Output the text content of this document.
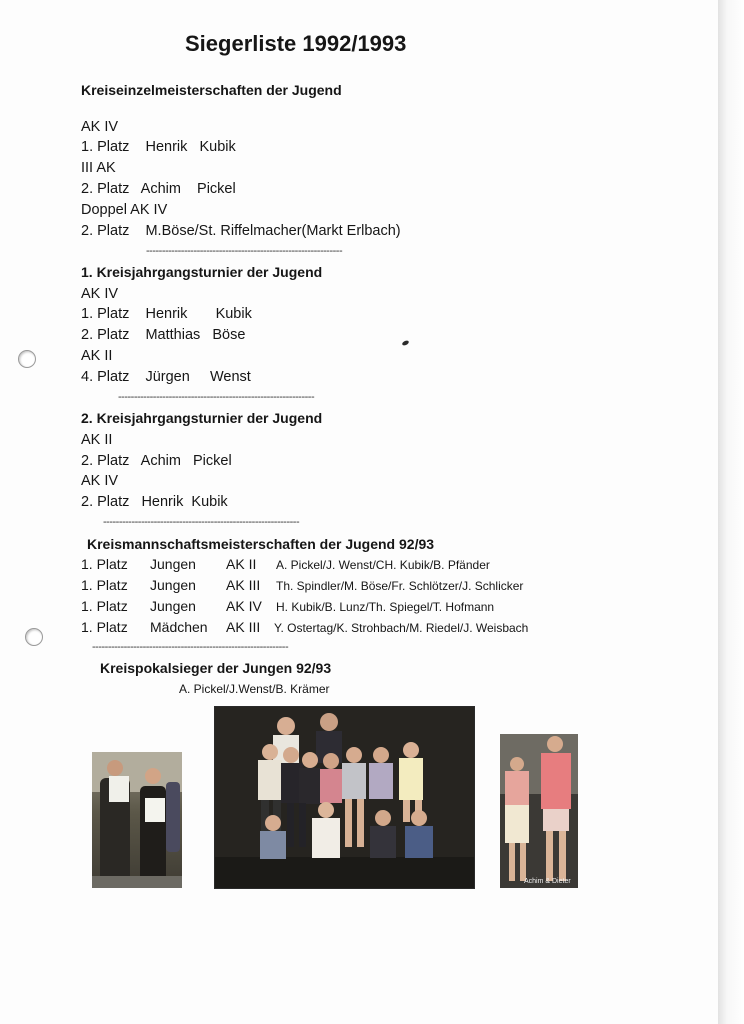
Siegerliste 1992/1993
Kreiseinzelmeisterschaften der Jugend
AK IV
1. Platz    Henrik   Kubik
III AK
2. Platz   Achim    Pickel
Doppel AK IV
2. Platz    M.Böse/St. Riffelmacher(Markt Erlbach)
--------------------------------------------------------------
1. Kreisjahrgangsturnier der Jugend
AK IV
1. Platz    Henrik       Kubik
2. Platz    Matthias   Böse
AK II
4. Platz    Jürgen     Wenst
--------------------------------------------------------------
2. Kreisjahrgangsturnier der Jugend
AK II
2. Platz   Achim   Pickel
AK IV
2. Platz   Henrik  Kubik
--------------------------------------------------------------
Kreismannschaftsmeisterschaften der Jugend 92/93
1. Platz Jungen AK II A. Pickel/J. Wenst/CH. Kubik/B. Pfänder
1. Platz Jungen AK III Th. Spindler/M. Böse/Fr. Schlötzer/J. Schlicker
1. Platz Jungen AK IV H. Kubik/B. Lunz/Th. Spiegel/T. Hofmann
1. Platz Mädchen AK III Y. Ostertag/K. Strohbach/M. Riedel/J. Weisbach
--------------------------------------------------------------
Kreispokalsieger der Jungen 92/93
A. Pickel/J.Wenst/B. Krämer
Achim & Dieter
